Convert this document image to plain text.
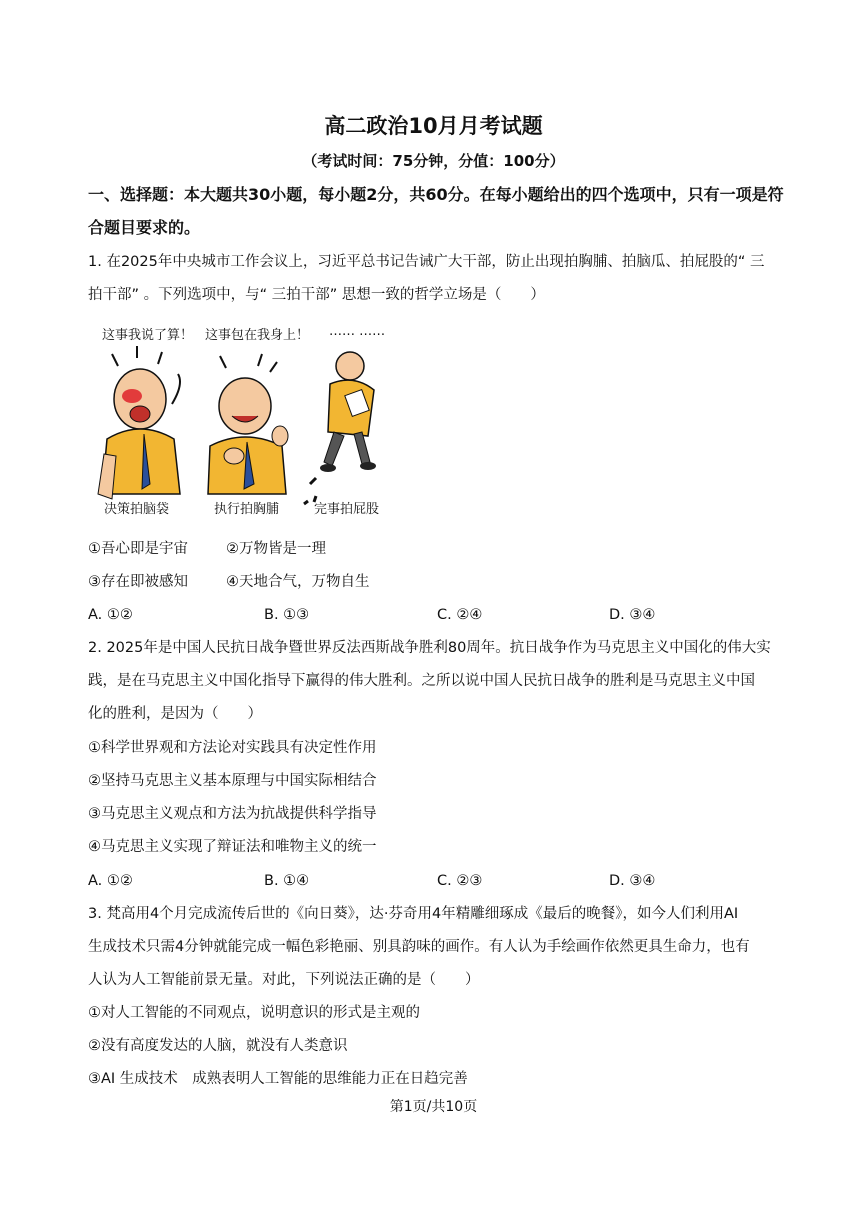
高二政治10月月考试题
（考试时间：75分钟，分值：100分）
一、选择题：本大题共30小题，每小题2分，共60分。在每小题给出的四个选项中，只有一项是符合题目要求的。
1. 在2025年中央城市工作会议上，习近平总书记告诫广大干部，防止出现拍胸脯、拍脑瓜、拍屁股的“ 三
拍干部” 。下列选项中，与“ 三拍干部” 思想一致的哲学立场是（　　）
这事我说了算！ 这事包在我身上！ …… ……
决策拍脑袋	执行拍胸脯	完事拍屁股
①吾心即是宇宙	②万物皆是一理
③存在即被感知	④天地合气，万物自生
A. ①②	B. ①③	C. ②④	D. ③④
2. 2025年是中国人民抗日战争暨世界反法西斯战争胜利80周年。抗日战争作为马克思主义中国化的伟大实
践，是在马克思主义中国化指导下赢得的伟大胜利。之所以说中国人民抗日战争的胜利是马克思主义中国
化的胜利，是因为（　　）
①科学世界观和方法论对实践具有决定性作用
②坚持马克思主义基本原理与中国实际相结合
③马克思主义观点和方法为抗战提供科学指导
④马克思主义实现了辩证法和唯物主义的统一
A. ①②	B. ①④	C. ②③	D. ③④
3. 梵高用4个月完成流传后世的《向日葵》，达·芬奇用4年精雕细琢成《最后的晚餐》，如今人们利用AI
生成技术只需4分钟就能完成一幅色彩艳丽、别具韵味的画作。有人认为手绘画作依然更具生命力，也有
人认为人工智能前景无量。对此，下列说法正确的是（　　）
①对人工智能的不同观点，说明意识的形式是主观的
②没有高度发达的人脑，就没有人类意识
③AI 生成技术　成熟表明人工智能的思维能力正在日趋完善
第1页/共10页
